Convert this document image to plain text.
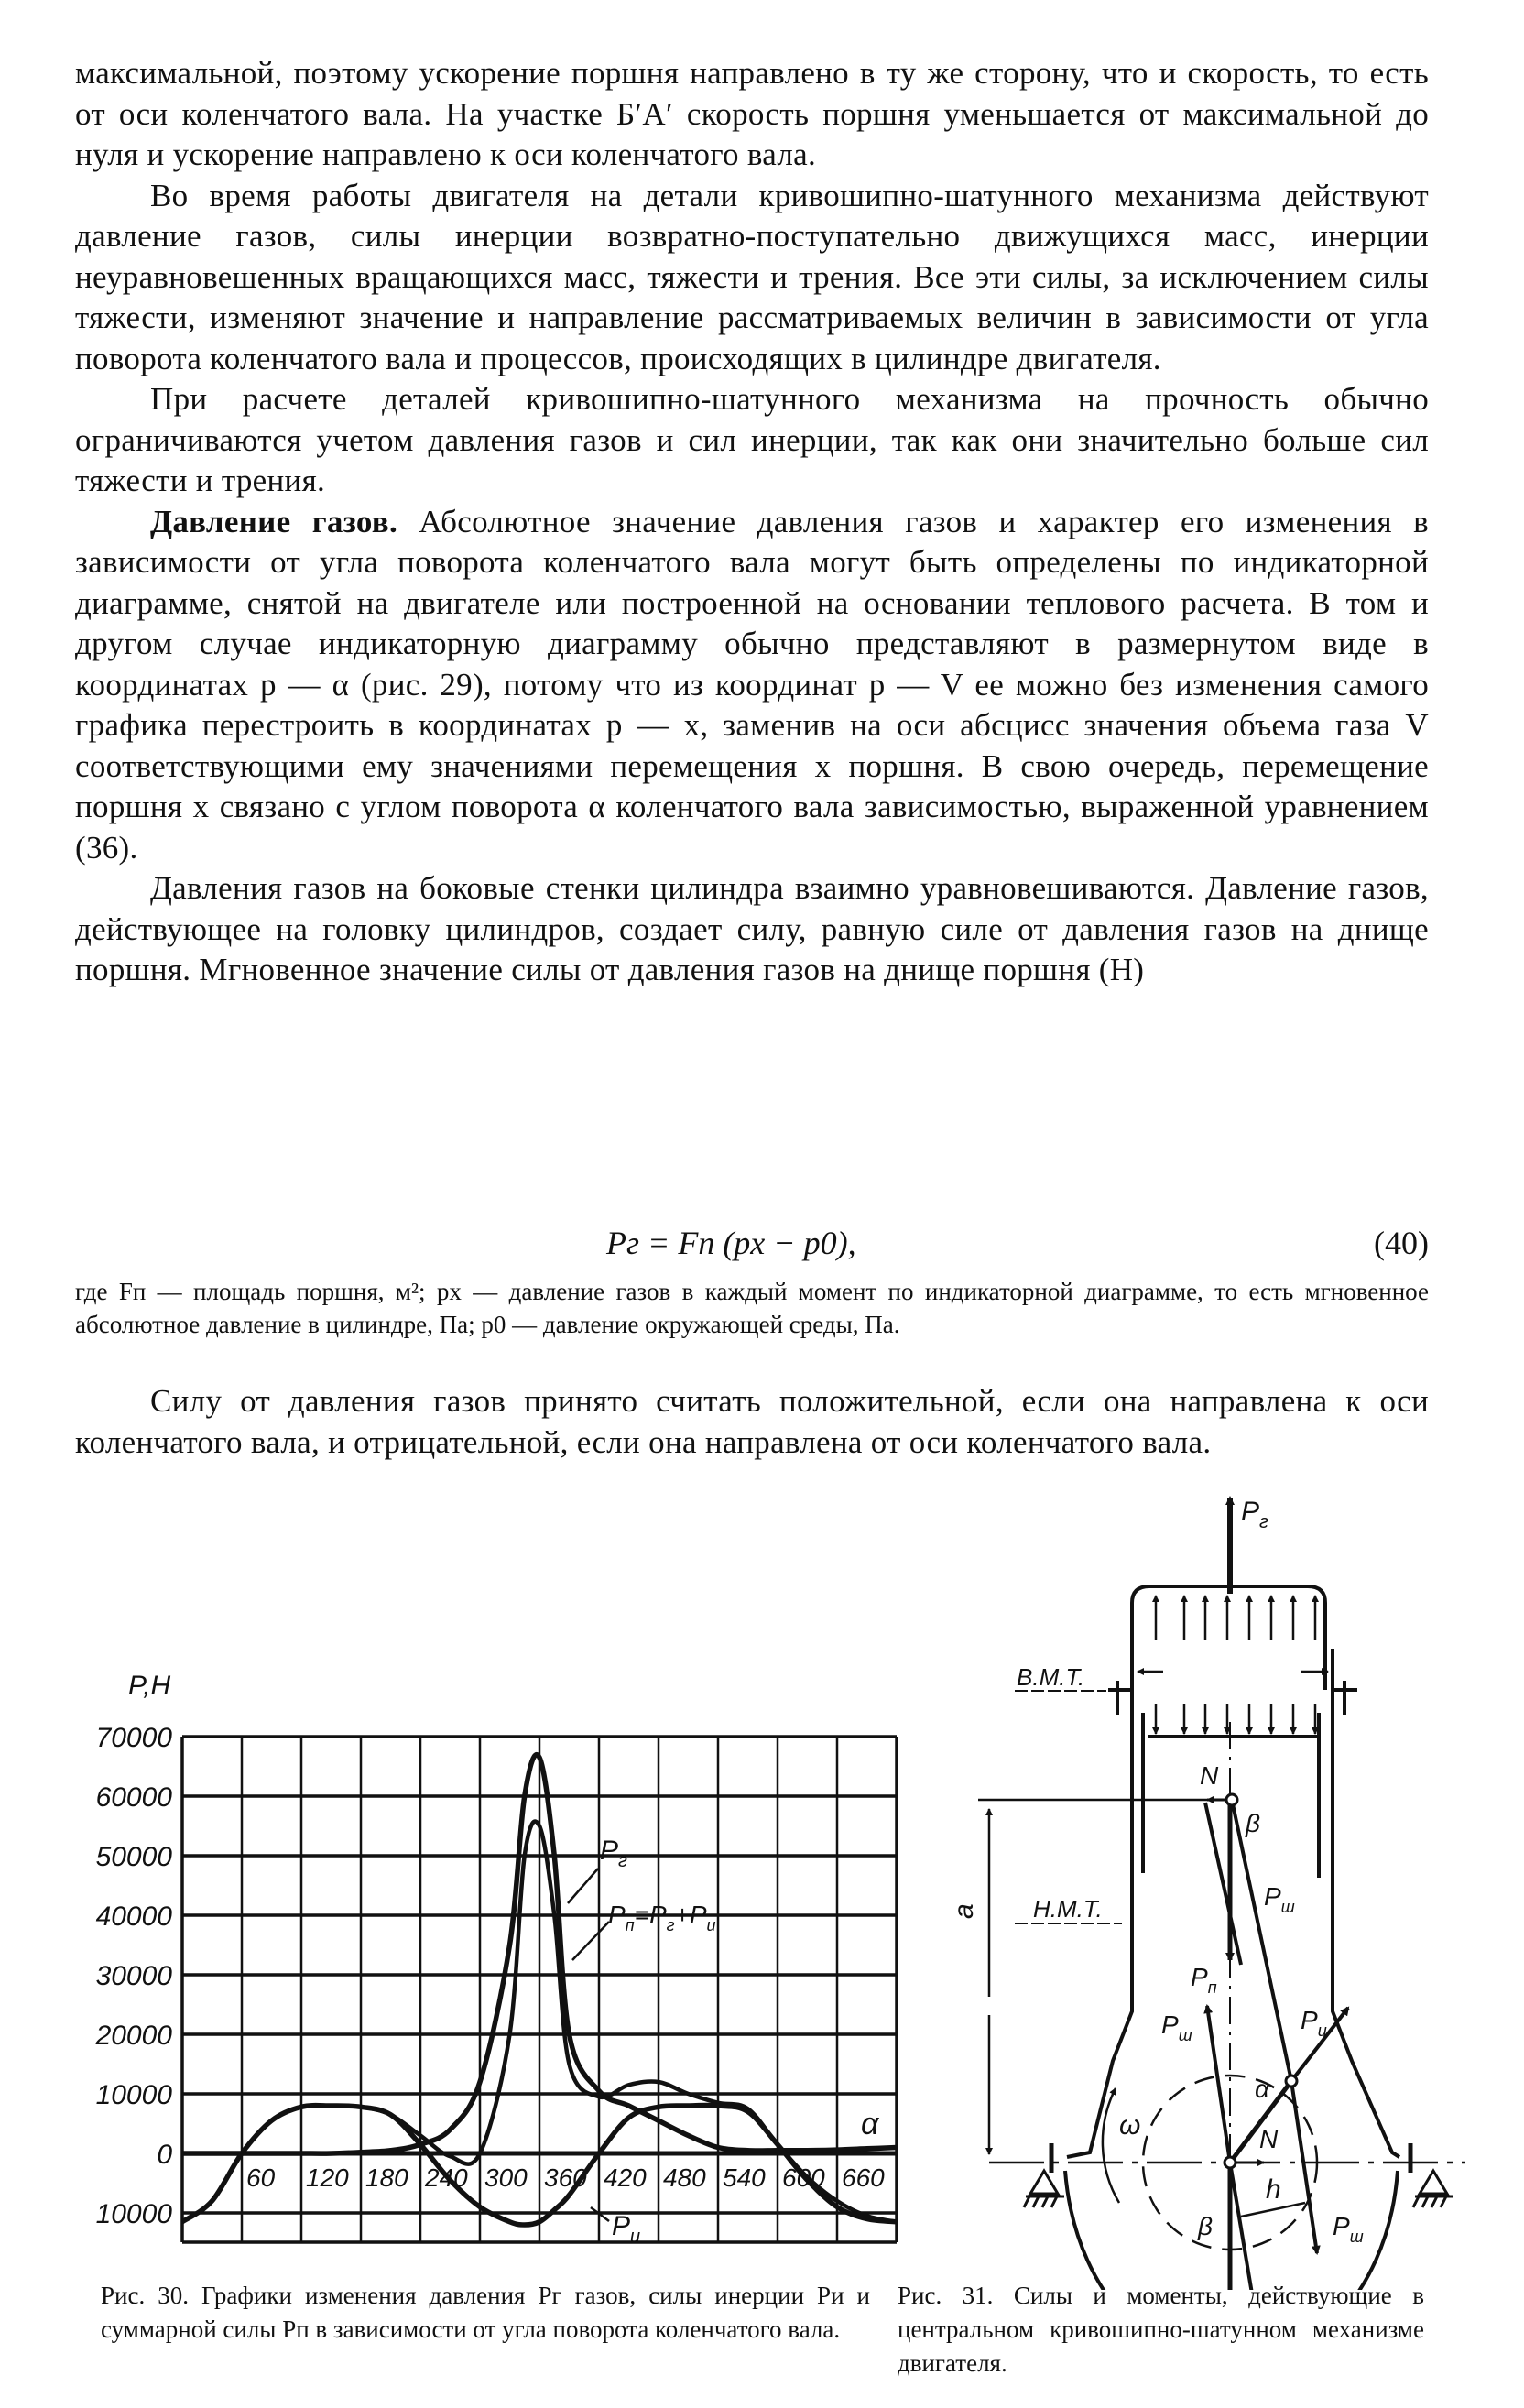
максимальной, поэтому ускорение поршня направлено в ту же сторону, что и скорость, то есть от оси коленчатого вала. На участке Б′А′ скорость поршня уменьшается от максимальной до нуля и ускорение направлено к оси коленчатого вала.

Во время работы двигателя на детали кривошипно-шатунного механизма действуют давление газов, силы инерции возвратно-поступательно движущихся масс, инерции неуравновешенных вращающихся масс, тяжести и трения. Все эти силы, за исключением силы тяжести, изменяют значение и направление рассматриваемых величин в зависимости от угла поворота коленчатого вала и процессов, происходящих в цилиндре двигателя.

При расчете деталей кривошипно-шатунного механизма на прочность обычно ограничиваются учетом давления газов и сил инерции, так как они значительно больше сил тяжести и трения.

Давление газов. Абсолютное значение давления газов и характер его изменения в зависимости от угла поворота коленчатого вала могут быть определены по индикаторной диаграмме, снятой на двигателе или построенной на основании теплового расчета. В том и другом случае индикаторную диаграмму обычно представляют в размернутом виде в координатах p — α (рис. 29), потому что из координат p — V ее можно без изменения самого графика перестроить в координатах p — x, заменив на оси абсцисс значения объема газа V соответствующими ему значениями перемещения x поршня. В свою очередь, перемещение поршня x связано с углом поворота α коленчатого вала зависимостью, выраженной уравнением (36).

Давления газов на боковые стенки цилиндра взаимно уравновешиваются. Давление газов, действующее на головку цилиндров, создает силу, равную силе от давления газов на днище поршня. Мгновенное значение силы от давления газов на днище поршня (Н)

Pг = Fп (px − p0),	(40)
где Fп — площадь поршня, м²; px — давление газов в каждый момент по индикаторной диаграмме, то есть мгновенное абсолютное давление в цилиндре, Па; p0 — давление окружающей среды, Па.

Силу от давления газов принято считать положительной, если она направлена к оси коленчатого вала, и отрицательной, если она направлена от оси коленчатого вала.

P,H
70000
60000
50000
40000
30000
20000
10000
0
10000
60 120 180 240 300 360 420 480 540 600 660
α
$P_г$
$P_п=P_г+P_и$
$P_и$
$P_г$
a
В.М.Т.
Н.М.Т.
N
β
$P_ш$
$P_п$
ω
$P_ц$
$P_ш$
$P_ш$
N
h
α
β
Рис. 30. Графики изменения давления Pг газов, силы инерции Pи и суммарной силы Pп в зависимости от угла поворота коленчатого вала.
Рис. 31. Силы и моменты, действующие в центральном кривошипно-шатунном механизме двигателя.
